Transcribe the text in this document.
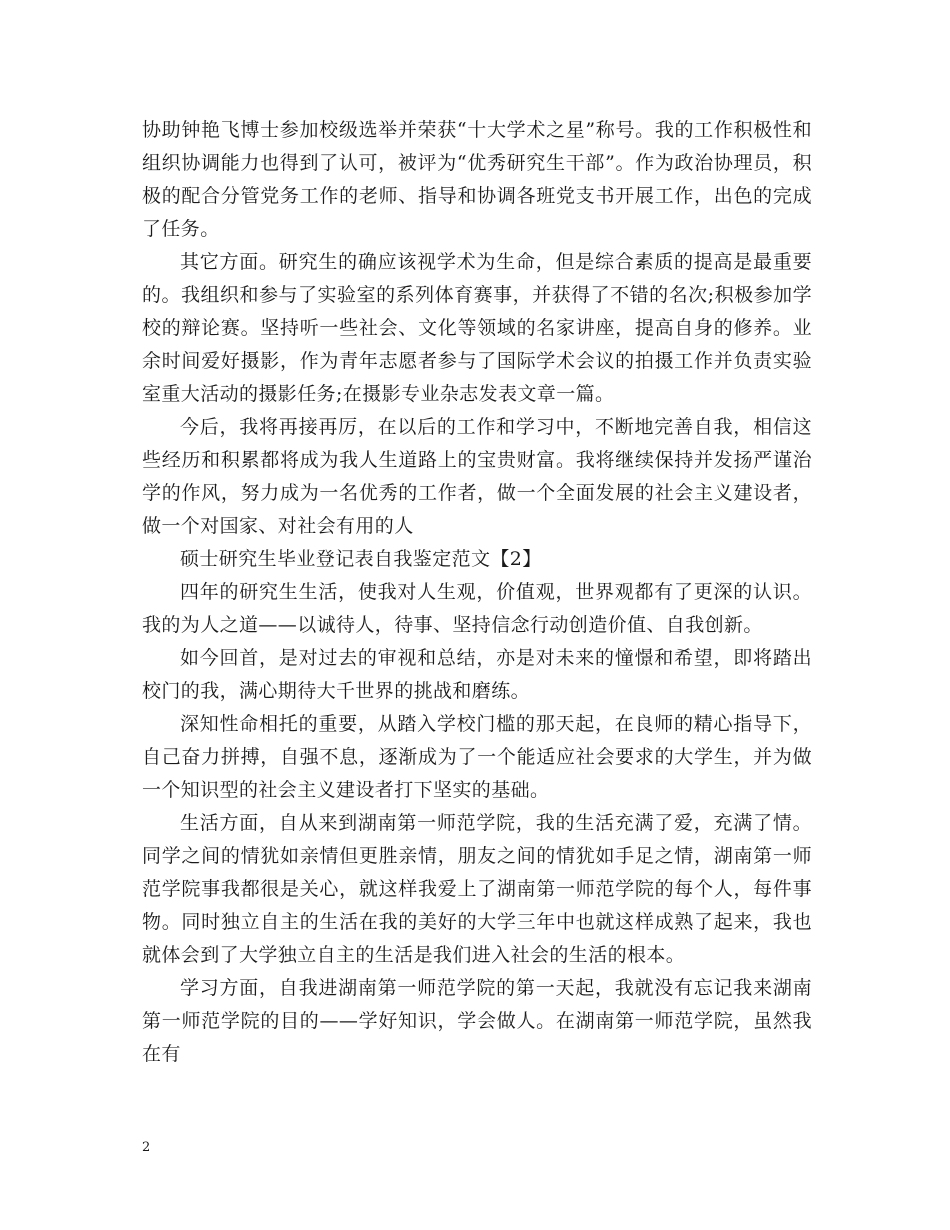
协助钟艳飞博士参加校级选举并荣获“十大学术之星”称号。我的工作积极性和组织协调能力也得到了认可，被评为“优秀研究生干部”。作为政治协理员，积极的配合分管党务工作的老师、指导和协调各班党支书开展工作，出色的完成了任务。

其它方面。研究生的确应该视学术为生命，但是综合素质的提高是最重要的。我组织和参与了实验室的系列体育赛事，并获得了不错的名次;积极参加学校的辩论赛。坚持听一些社会、文化等领域的名家讲座，提高自身的修养。业余时间爱好摄影，作为青年志愿者参与了国际学术会议的拍摄工作并负责实验室重大活动的摄影任务;在摄影专业杂志发表文章一篇。

今后，我将再接再厉，在以后的工作和学习中，不断地完善自我，相信这些经历和积累都将成为我人生道路上的宝贵财富。我将继续保持并发扬严谨治学的作风，努力成为一名优秀的工作者，做一个全面发展的社会主义建设者，做一个对国家、对社会有用的人

硕士研究生毕业登记表自我鉴定范文【2】

四年的研究生生活，使我对人生观，价值观，世界观都有了更深的认识。我的为人之道——以诚待人，待事、坚持信念行动创造价值、自我创新。

如今回首，是对过去的审视和总结，亦是对未来的憧憬和希望，即将踏出校门的我，满心期待大千世界的挑战和磨练。

深知性命相托的重要，从踏入学校门槛的那天起，在良师的精心指导下，自己奋力拼搏，自强不息，逐渐成为了一个能适应社会要求的大学生，并为做一个知识型的社会主义建设者打下坚实的基础。

生活方面，自从来到湖南第一师范学院，我的生活充满了爱，充满了情。同学之间的情犹如亲情但更胜亲情，朋友之间的情犹如手足之情，湖南第一师范学院事我都很是关心，就这样我爱上了湖南第一师范学院的每个人，每件事物。同时独立自主的生活在我的美好的大学三年中也就这样成熟了起来，我也就体会到了大学独立自主的生活是我们进入社会的生活的根本。

学习方面，自我进湖南第一师范学院的第一天起，我就没有忘记我来湖南第一师范学院的目的——学好知识，学会做人。在湖南第一师范学院，虽然我在有

2
